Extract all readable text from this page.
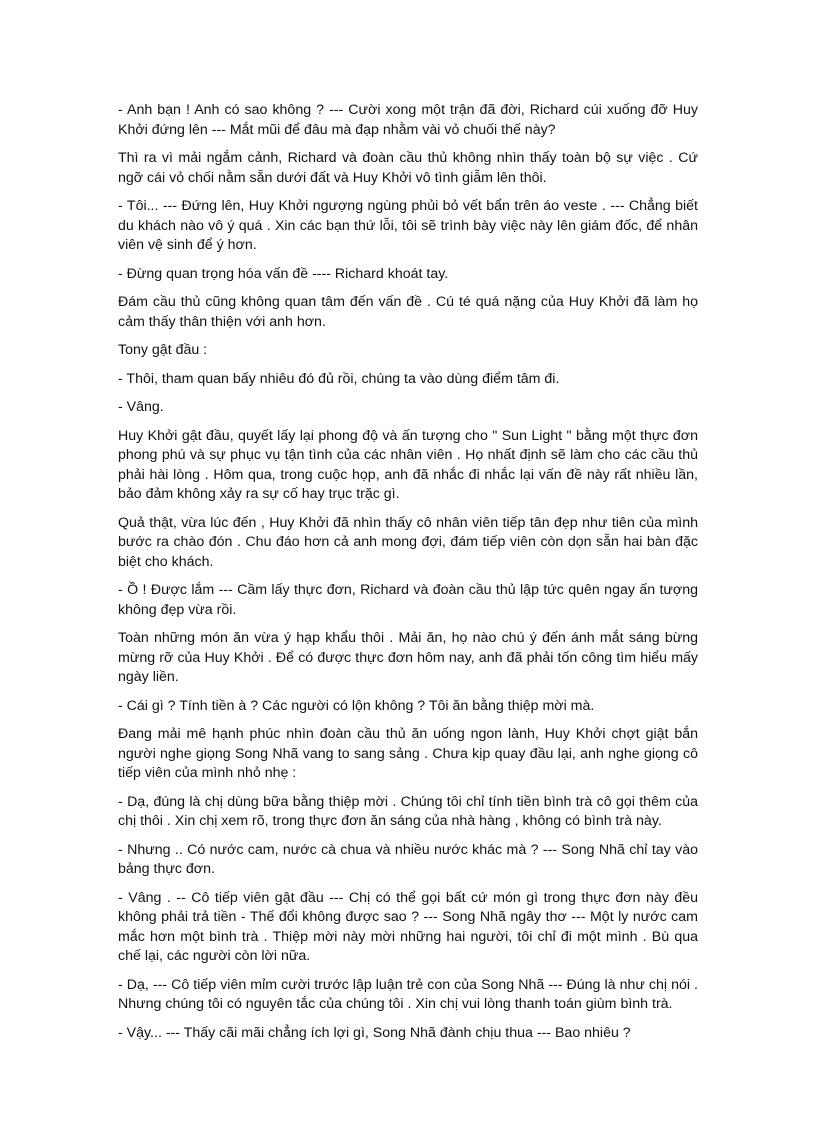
- Anh bạn ! Anh có sao không ? --- Cười xong một trận đã đời, Richard cúi xuống đỡ Huy Khởi đứng lên --- Mắt mũi để đâu mà đạp nhằm vài vỏ chuối thế này?

Thì ra vì mải ngắm cảnh, Richard và đoàn cầu thủ không nhìn thấy toàn bộ sự việc . Cứ ngỡ cái vỏ chối nằm sẵn dưới đất và Huy Khởi vô tình giẫm lên thôi.

- Tôi... --- Đứng lên, Huy Khởi ngượng ngùng phủi bỏ vết bẩn trên áo veste . --- Chẳng biết du khách nào vô ý quá . Xin các bạn thứ lỗi, tôi sẽ trình bày việc này lên giám đốc, để nhân viên vệ sinh để ý hơn.

- Đừng quan trọng hóa vấn đề ---- Richard khoát tay.

Đám cầu thủ cũng không quan tâm đến vấn đề . Cú té quá nặng của Huy Khởi đã làm họ cảm thấy thân thiện với anh hơn.

Tony gật đầu :

- Thôi, tham quan bấy nhiêu đó đủ rồi, chúng ta vào dùng điểm tâm đi.

- Vâng.

Huy Khởi gật đầu, quyết lấy lại phong độ và ấn tượng cho " Sun Light " bằng một thực đơn phong phú và sự phục vụ tận tình của các nhân viên . Họ nhất định sẽ làm cho các cầu thủ phải hài lòng . Hôm qua, trong cuộc họp, anh đã nhắc đi nhắc lại vấn đề này rất nhiều lần, bảo đảm không xảy ra sự cố hay trục trặc gì.

Quả thật, vừa lúc đến , Huy Khởi đã nhìn thấy cô nhân viên tiếp tân đẹp như tiên của mình bước ra chào đón . Chu đáo hơn cả anh mong đợi, đám tiếp viên còn dọn sẵn hai bàn đặc biệt cho khách.

- Ồ ! Được lắm --- Cầm lấy thực đơn, Richard và đoàn cầu thủ lập tức quên ngay ấn tượng không đẹp vừa rồi.

Toàn những món ăn vừa ý hạp khẩu thôi . Mải ăn, họ nào chú ý đến ánh mắt sáng bừng mừng rỡ của Huy Khởi . Để có được thực đơn hôm nay, anh đã phải tốn công tìm hiểu mấy ngày liền.

- Cái gì ? Tính tiền à ? Các người có lộn không ? Tôi ăn bằng thiệp mời mà.

Đang mải mê hạnh phúc nhìn đoàn cầu thủ ăn uống ngon lành, Huy Khởi chợt giật bắn người nghe giọng Song Nhã vang to sang sảng . Chưa kịp quay đầu lại, anh nghe giọng cô tiếp viên của mình nhỏ nhẹ :

- Dạ, đúng là chị dùng bữa bằng thiệp mời . Chúng tôi chỉ tính tiền bình trà cô gọi thêm của chị thôi . Xin chị xem rõ, trong thực đơn ăn sáng của nhà hàng , không có bình trà này.

- Nhưng .. Có nước cam, nước cà chua và nhiều nước khác mà ? --- Song Nhã chỉ tay vào bảng thực đơn.

- Vâng . -- Cô tiếp viên gật đầu --- Chị có thể gọi bất cứ món gì trong thực đơn này đều không phải trả tiền - Thế đổi không được sao ? --- Song Nhã ngây thơ --- Một ly nước cam mắc hơn một bình trà . Thiệp mời này mời những hai người, tôi chỉ đi một mình . Bù qua chế lại, các người còn lời nữa.

- Dạ, --- Cô tiếp viên mỉm cười trước lập luận trẻ con của Song Nhã --- Đúng là như chị nói . Nhưng chúng tôi có nguyên tắc của chúng tôi . Xin chị vui lòng thanh toán giùm bình trà.

- Vậy... --- Thấy cãi mãi chẳng ích lợi gì, Song Nhã đành chịu thua --- Bao nhiêu ?
